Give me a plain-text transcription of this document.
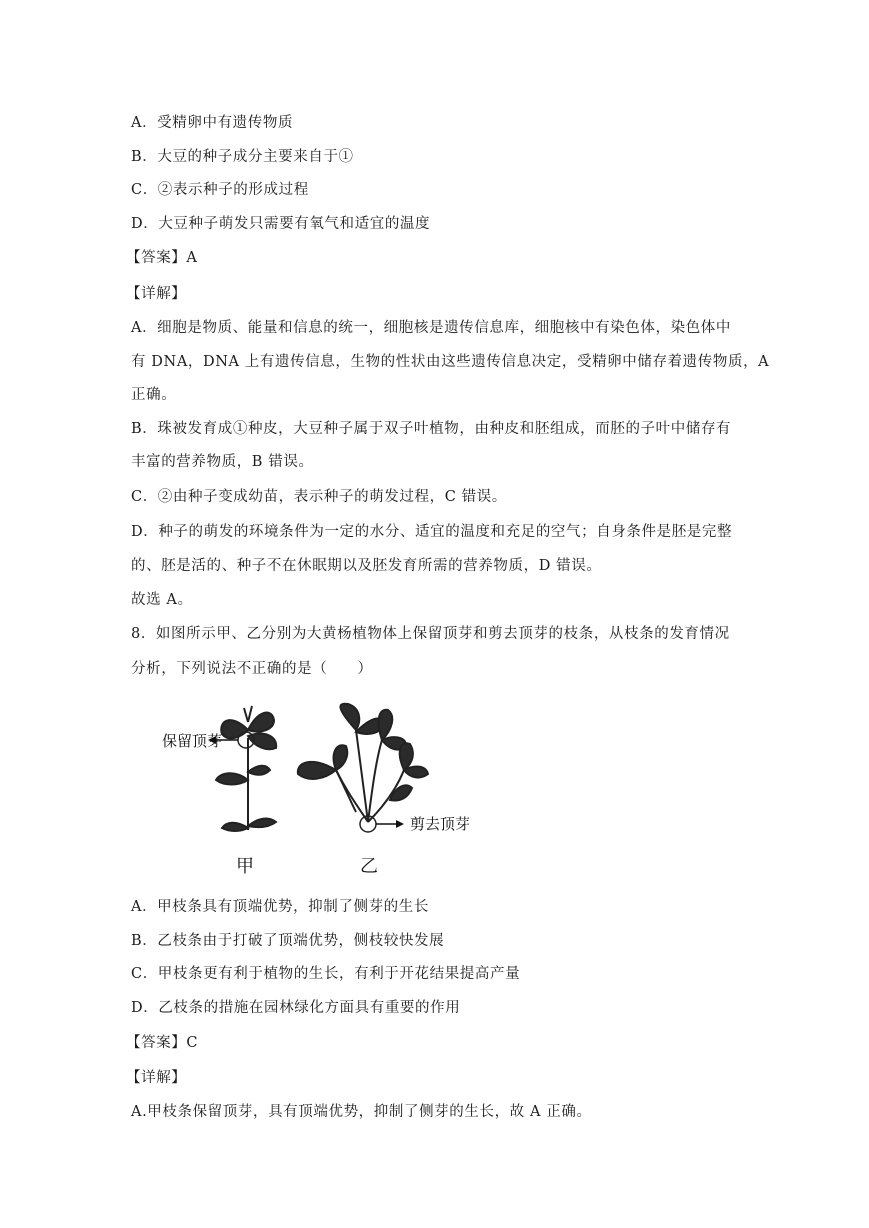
A．受精卵中有遗传物质
B．大豆的种子成分主要来自于①
C．②表示种子的形成过程
D．大豆种子萌发只需要有氧气和适宜的温度
【答案】A
【详解】
A．细胞是物质、能量和信息的统一，细胞核是遗传信息库，细胞核中有染色体，染色体中
有 DNA，DNA 上有遗传信息，生物的性状由这些遗传信息决定，受精卵中储存着遗传物质，A
正确。
B．珠被发育成①种皮，大豆种子属于双子叶植物，由种皮和胚组成，而胚的子叶中储存有
丰富的营养物质，B 错误。
C．②由种子变成幼苗，表示种子的萌发过程，C 错误。
D．种子的萌发的环境条件为一定的水分、适宜的温度和充足的空气；自身条件是胚是完整
的、胚是活的、种子不在休眠期以及胚发育所需的营养物质，D 错误。
故选 A。
8．如图所示甲、乙分别为大黄杨植物体上保留顶芽和剪去顶芽的枝条，从枝条的发育情况
分析，下列说法不正确的是（　　）
保留顶芽
剪去顶芽
甲	乙
A．甲枝条具有顶端优势，抑制了侧芽的生长
B．乙枝条由于打破了顶端优势，侧枝较快发展
C．甲枝条更有利于植物的生长，有利于开花结果提高产量
D．乙枝条的措施在园林绿化方面具有重要的作用
【答案】C
【详解】
A.甲枝条保留顶芽，具有顶端优势，抑制了侧芽的生长，故 A 正确。
